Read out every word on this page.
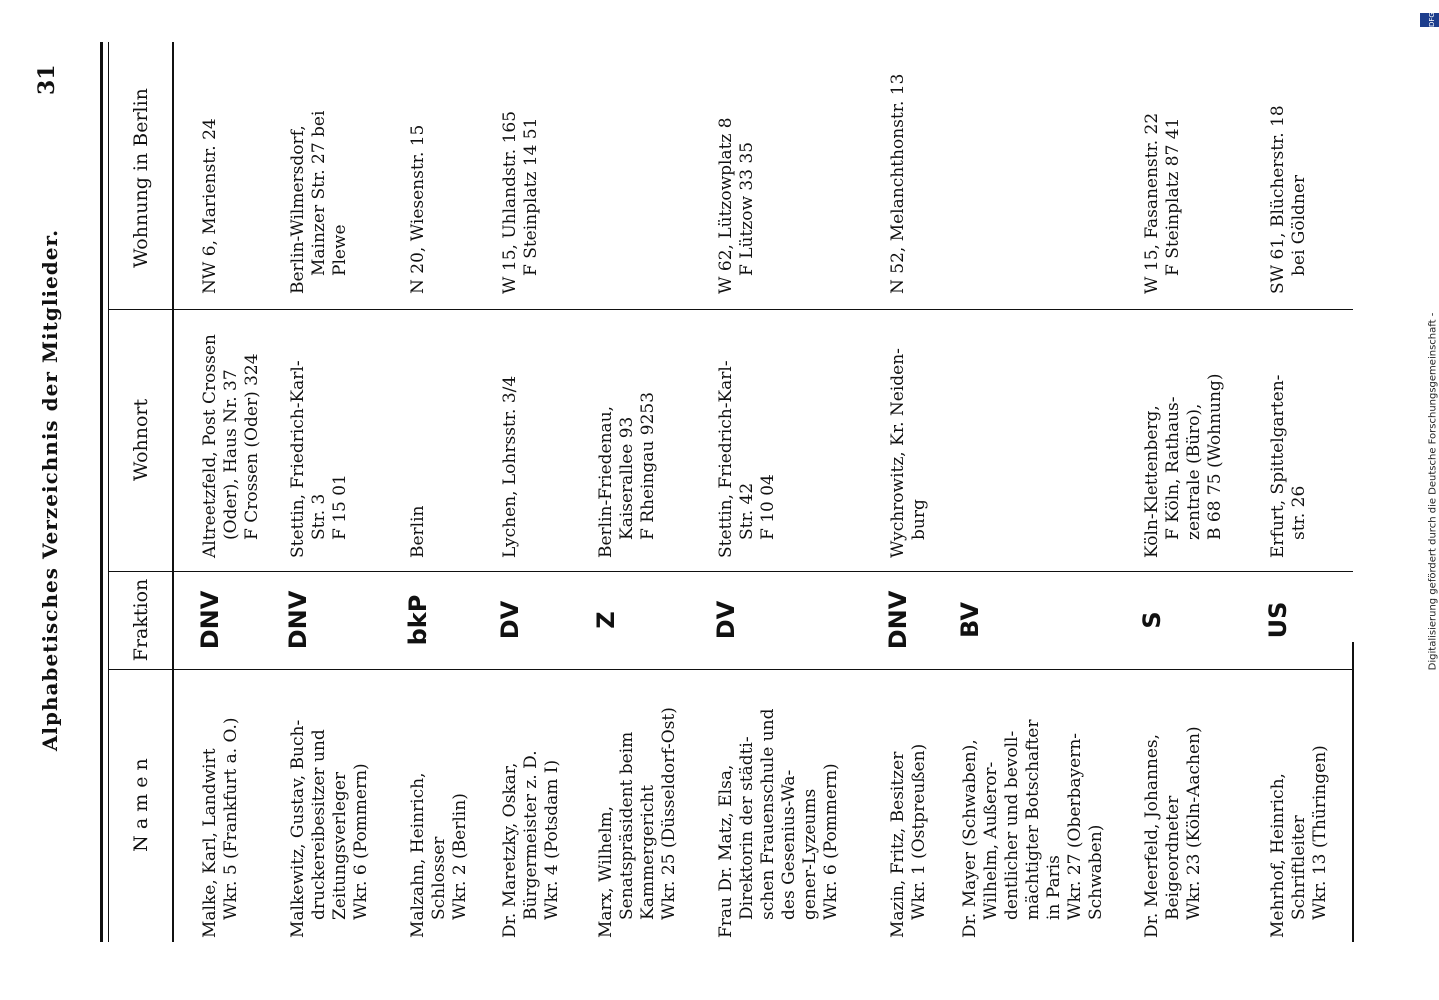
Alphabetisches Verzeichnis der Mitglieder.
31
N a m e n
Fraktion
Wohnort
Wohnung in Berlin
Malke, Karl, Landwirt
Wkr. 5 (Frankfurt a. O.)
DNV
Altreetzfeld, Post Crossen
(Oder), Haus Nr. 37
F Crossen (Oder) 324
NW 6, Marienstr. 24
Malkewitz, Gustav, Buch-
druckereibesitzer und
Zeitungsverleger
Wkr. 6 (Pommern)
DNV
Stettin, Friedrich-Karl-
Str. 3
F 15 01
Berlin-Wilmersdorf,
Mainzer Str. 27 bei
Plewe
Malzahn, Heinrich,
Schlosser
Wkr. 2 (Berlin)
bkP
Berlin
N 20, Wiesenstr. 15
Dr. Maretzky, Oskar,
Bürgermeister z. D.
Wkr. 4 (Potsdam I)
DV
Lychen, Lohrsstr. 3/4
W 15, Uhlandstr. 165
F Steinplatz 14 51
Marx, Wilhelm,
Senatspräsident beim
Kammergericht
Wkr. 25 (Düsseldorf-Ost)
Z
Berlin-Friedenau,
Kaiserallee 93
F Rheingau 9253
Frau Dr. Matz, Elsa,
Direktorin der städti-
schen Frauenschule und
des Gesenius-Wa-
gener-Lyzeums
Wkr. 6 (Pommern)
DV
Stettin, Friedrich-Karl-
Str. 42
F 10 04
W 62, Lützowplatz 8
F Lützow 33 35
Mazin, Fritz, Besitzer
Wkr. 1 (Ostpreußen)
DNV
Wychrowitz, Kr. Neiden-
burg
N 52, Melanchthonstr. 13
Dr. Mayer (Schwaben),
Wilhelm, Außeror-
dentlicher und bevoll-
mächtigter Botschafter
in Paris
Wkr. 27 (Oberbayern-
Schwaben)
BV
Dr. Meerfeld, Johannes,
Beigeordneter
Wkr. 23 (Köln-Aachen)
S
Köln-Klettenberg,
F Köln, Rathaus-
zentrale (Büro),
B 68 75 (Wohnung)
W 15, Fasanenstr. 22
F Steinplatz 87 41
Mehrhof, Heinrich,
Schriftleiter
Wkr. 13 (Thüringen)
US
Erfurt, Spittelgarten-
str. 26
SW 61, Blücherstr. 18
bei Göldner
Digitalisierung gefördert durch die Deutsche Forschungsgemeinschaft -
DFG
